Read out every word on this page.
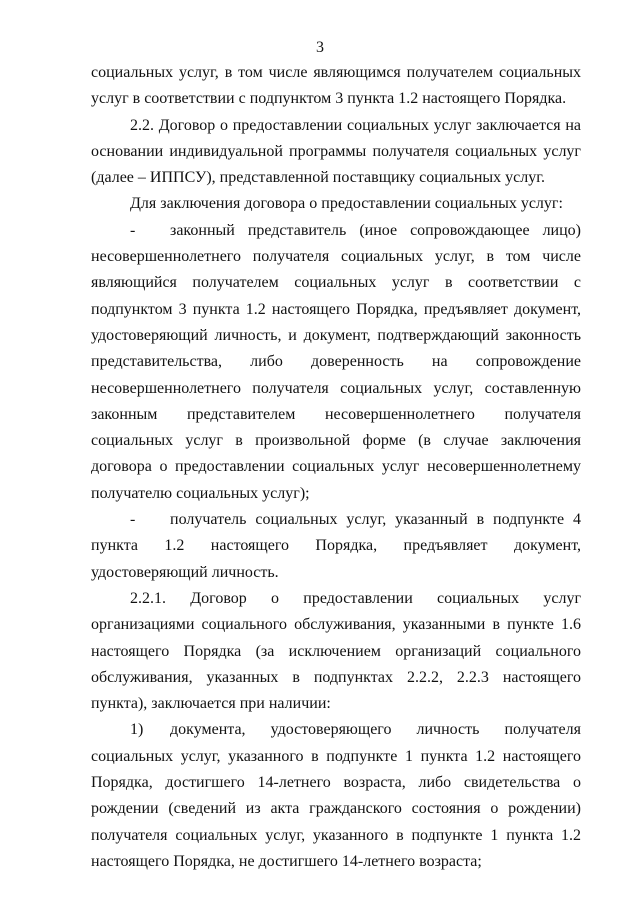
3

социальных услуг, в том числе являющимся получателем социальных услуг в соответствии с подпунктом 3 пункта 1.2 настоящего Порядка.

2.2. Договор о предоставлении социальных услуг заключается на основании индивидуальной программы получателя социальных услуг (далее – ИППСУ), представленной поставщику социальных услуг.

Для заключения договора о предоставлении социальных услуг:

- законный представитель (иное сопровождающее лицо) несовершеннолетнего получателя социальных услуг, в том числе являющийся получателем социальных услуг в соответствии с подпунктом 3 пункта 1.2 настоящего Порядка, предъявляет документ, удостоверяющий личность, и документ, подтверждающий законность представительства, либо доверенность на сопровождение несовершеннолетнего получателя социальных услуг, составленную законным представителем несовершеннолетнего получателя социальных услуг в произвольной форме (в случае заключения договора о предоставлении социальных услуг несовершеннолетнему получателю социальных услуг);
- получатель социальных услуг, указанный в подпункте 4 пункта 1.2 настоящего Порядка, предъявляет документ, удостоверяющий личность.

2.2.1. Договор о предоставлении социальных услуг организациями социального обслуживания, указанными в пункте 1.6 настоящего Порядка (за исключением организаций социального обслуживания, указанных в подпунктах 2.2.2, 2.2.3 настоящего пункта), заключается при наличии:

1) документа, удостоверяющего личность получателя социальных услуг, указанного в подпункте 1 пункта 1.2 настоящего Порядка, достигшего 14-летнего возраста, либо свидетельства о рождении (сведений из акта гражданского состояния о рождении) получателя социальных услуг, указанного в подпункте 1 пункта 1.2 настоящего Порядка, не достигшего 14-летнего возраста;
